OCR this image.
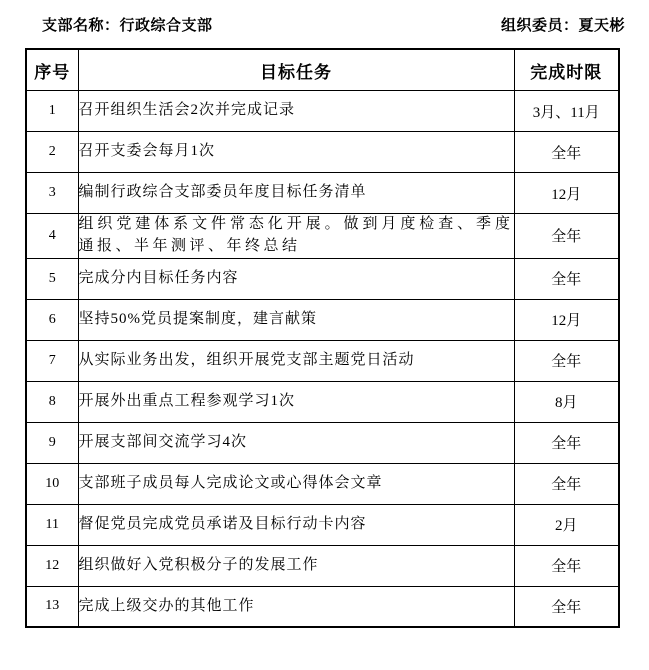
支部名称：行政综合支部	组织委员：夏天彬
序号	目标任务	完成时限
1	召开组织生活会2次并完成记录	3月、11月
2	召开支委会每月1次	全年
3	编制行政综合支部委员年度目标任务清单	12月
4	组织党建体系文件常态化开展。做到月度检查、季度通报、半年测评、年终总结	全年
5	完成分内目标任务内容	全年
6	坚持50%党员提案制度，建言献策	12月
7	从实际业务出发，组织开展党支部主题党日活动	全年
8	开展外出重点工程参观学习1次	8月
9	开展支部间交流学习4次	全年
10	支部班子成员每人完成论文或心得体会文章	全年
11	督促党员完成党员承诺及目标行动卡内容	2月
12	组织做好入党积极分子的发展工作	全年
13	完成上级交办的其他工作	全年
